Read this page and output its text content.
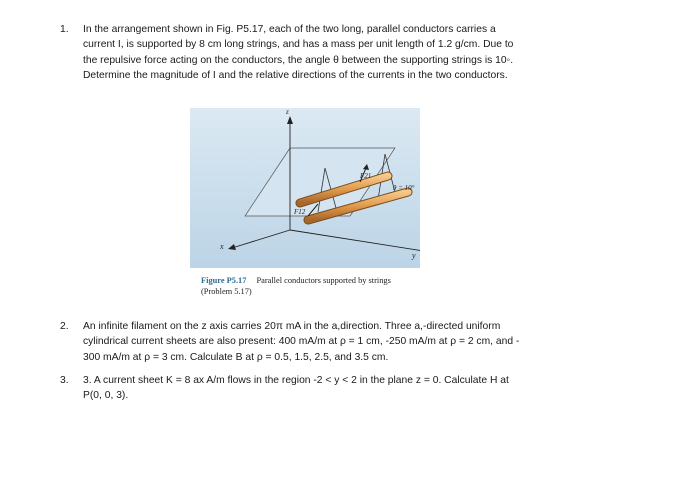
1. In the arrangement shown in Fig. P5.17, each of the two long, parallel conductors carries a
current I, is supported by 8 cm long strings, and has a mass per unit length of 1.2 g/cm. Due to
the repulsive force acting on the conductors, the angle θ between the supporting strings is 10◦.
Determine the magnitude of I and the relative directions of the currents in the two conductors.
z
x
y
F21
F12
θ = 10°
Figure P5.17 Parallel conductors supported by strings
(Problem 5.17)
2. An infinite filament on the z axis carries 20π mA in the a,direction. Three a,-directed uniform
cylindrical current sheets are also present: 400 mA/m at ρ = 1 cm, -250 mA/m at ρ = 2 cm, and -
300 mA/m at ρ = 3 cm. Calculate B at ρ = 0.5, 1.5, 2.5, and 3.5 cm.
3. 3. A current sheet K = 8 ax A/m flows in the region -2 < y < 2 in the plane z = 0. Calculate H at
P(0, 0, 3).
